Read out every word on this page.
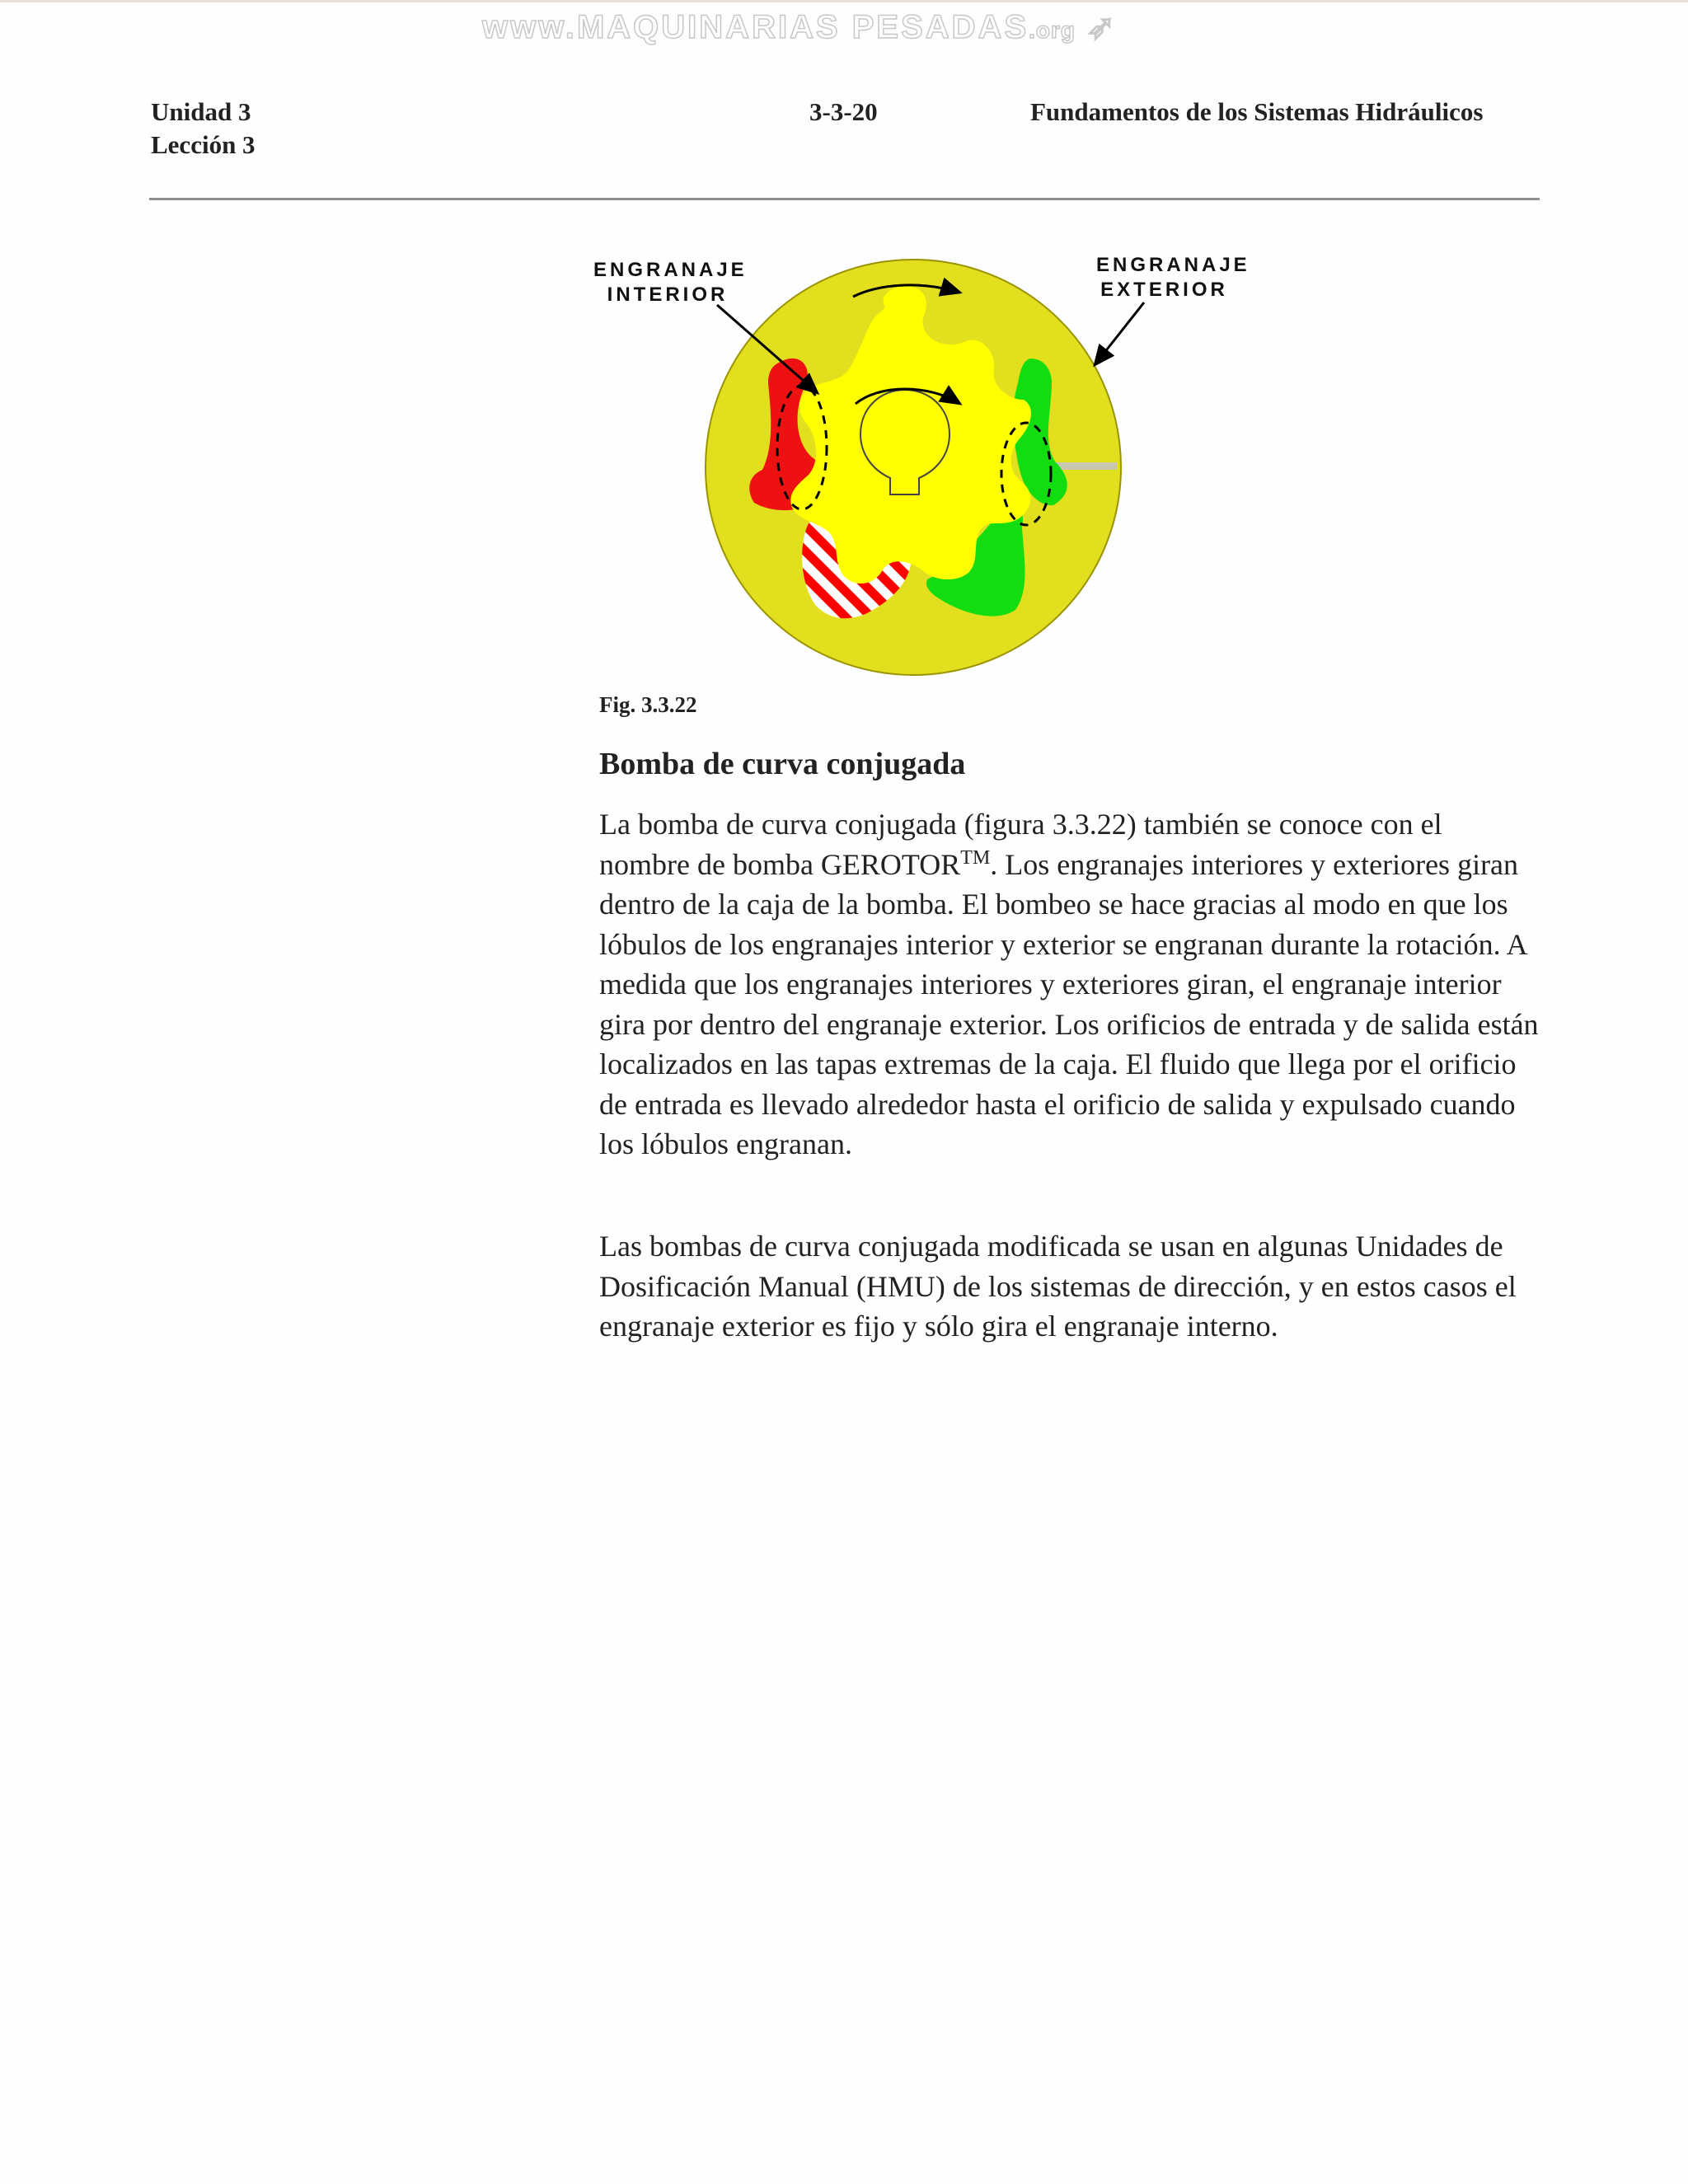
www.MAQUINARIAS PESADAS.org ➶
Unidad 3
Lección 3
3-3-20	Fundamentos de los Sistemas Hidráulicos
ENGRANAJE INTERIOR
ENGRANAJE EXTERIOR
Fig. 3.3.22
Bomba de curva conjugada
La bomba de curva conjugada (figura 3.3.22) también se conoce con el nombre de bomba GEROTOR™. Los engranajes interiores y exteriores giran dentro de la caja de la bomba. El bombeo se hace gracias al modo en que los lóbulos de los engranajes interior y exterior se engranan durante la rotación. A medida que los engranajes interiores y exteriores giran, el engranaje interior gira por dentro del engranaje exterior. Los orificios de entrada y de salida están localizados en las tapas extremas de la caja. El fluido que llega por el orificio de entrada es llevado alrededor hasta el orificio de salida y expulsado cuando los lóbulos engranan.
Las bombas de curva conjugada modificada se usan en algunas Unidades de Dosificación Manual (HMU) de los sistemas de dirección, y en estos casos el engranaje exterior es fijo y sólo gira el engranaje interno.
